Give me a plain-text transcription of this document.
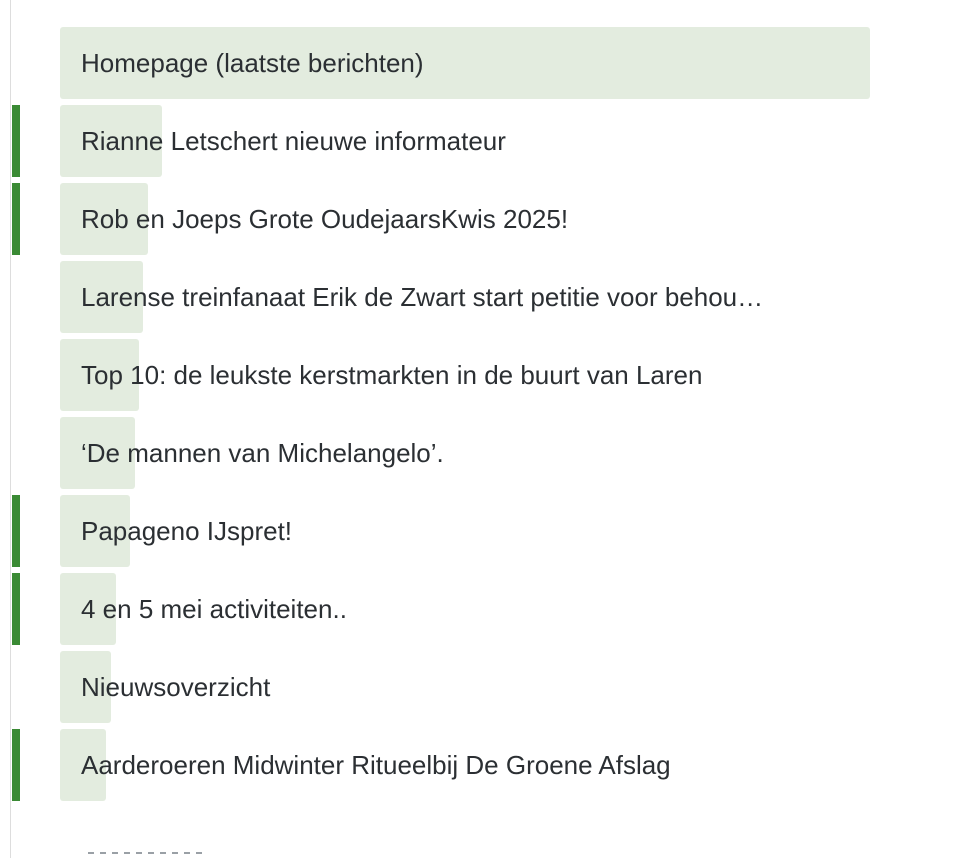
Homepage (laatste berichten)
Rianne Letschert nieuwe informateur
Rob en Joeps Grote OudejaarsKwis 2025!
Larense treinfanaat Erik de Zwart start petitie voor behou…
Top 10: de leukste kerstmarkten in de buurt van Laren
‘De mannen van Michelangelo’.
Papageno IJspret!
4 en 5 mei activiteiten..
Nieuwsoverzicht
Aarderoeren Midwinter Ritueelbij De Groene Afslag
